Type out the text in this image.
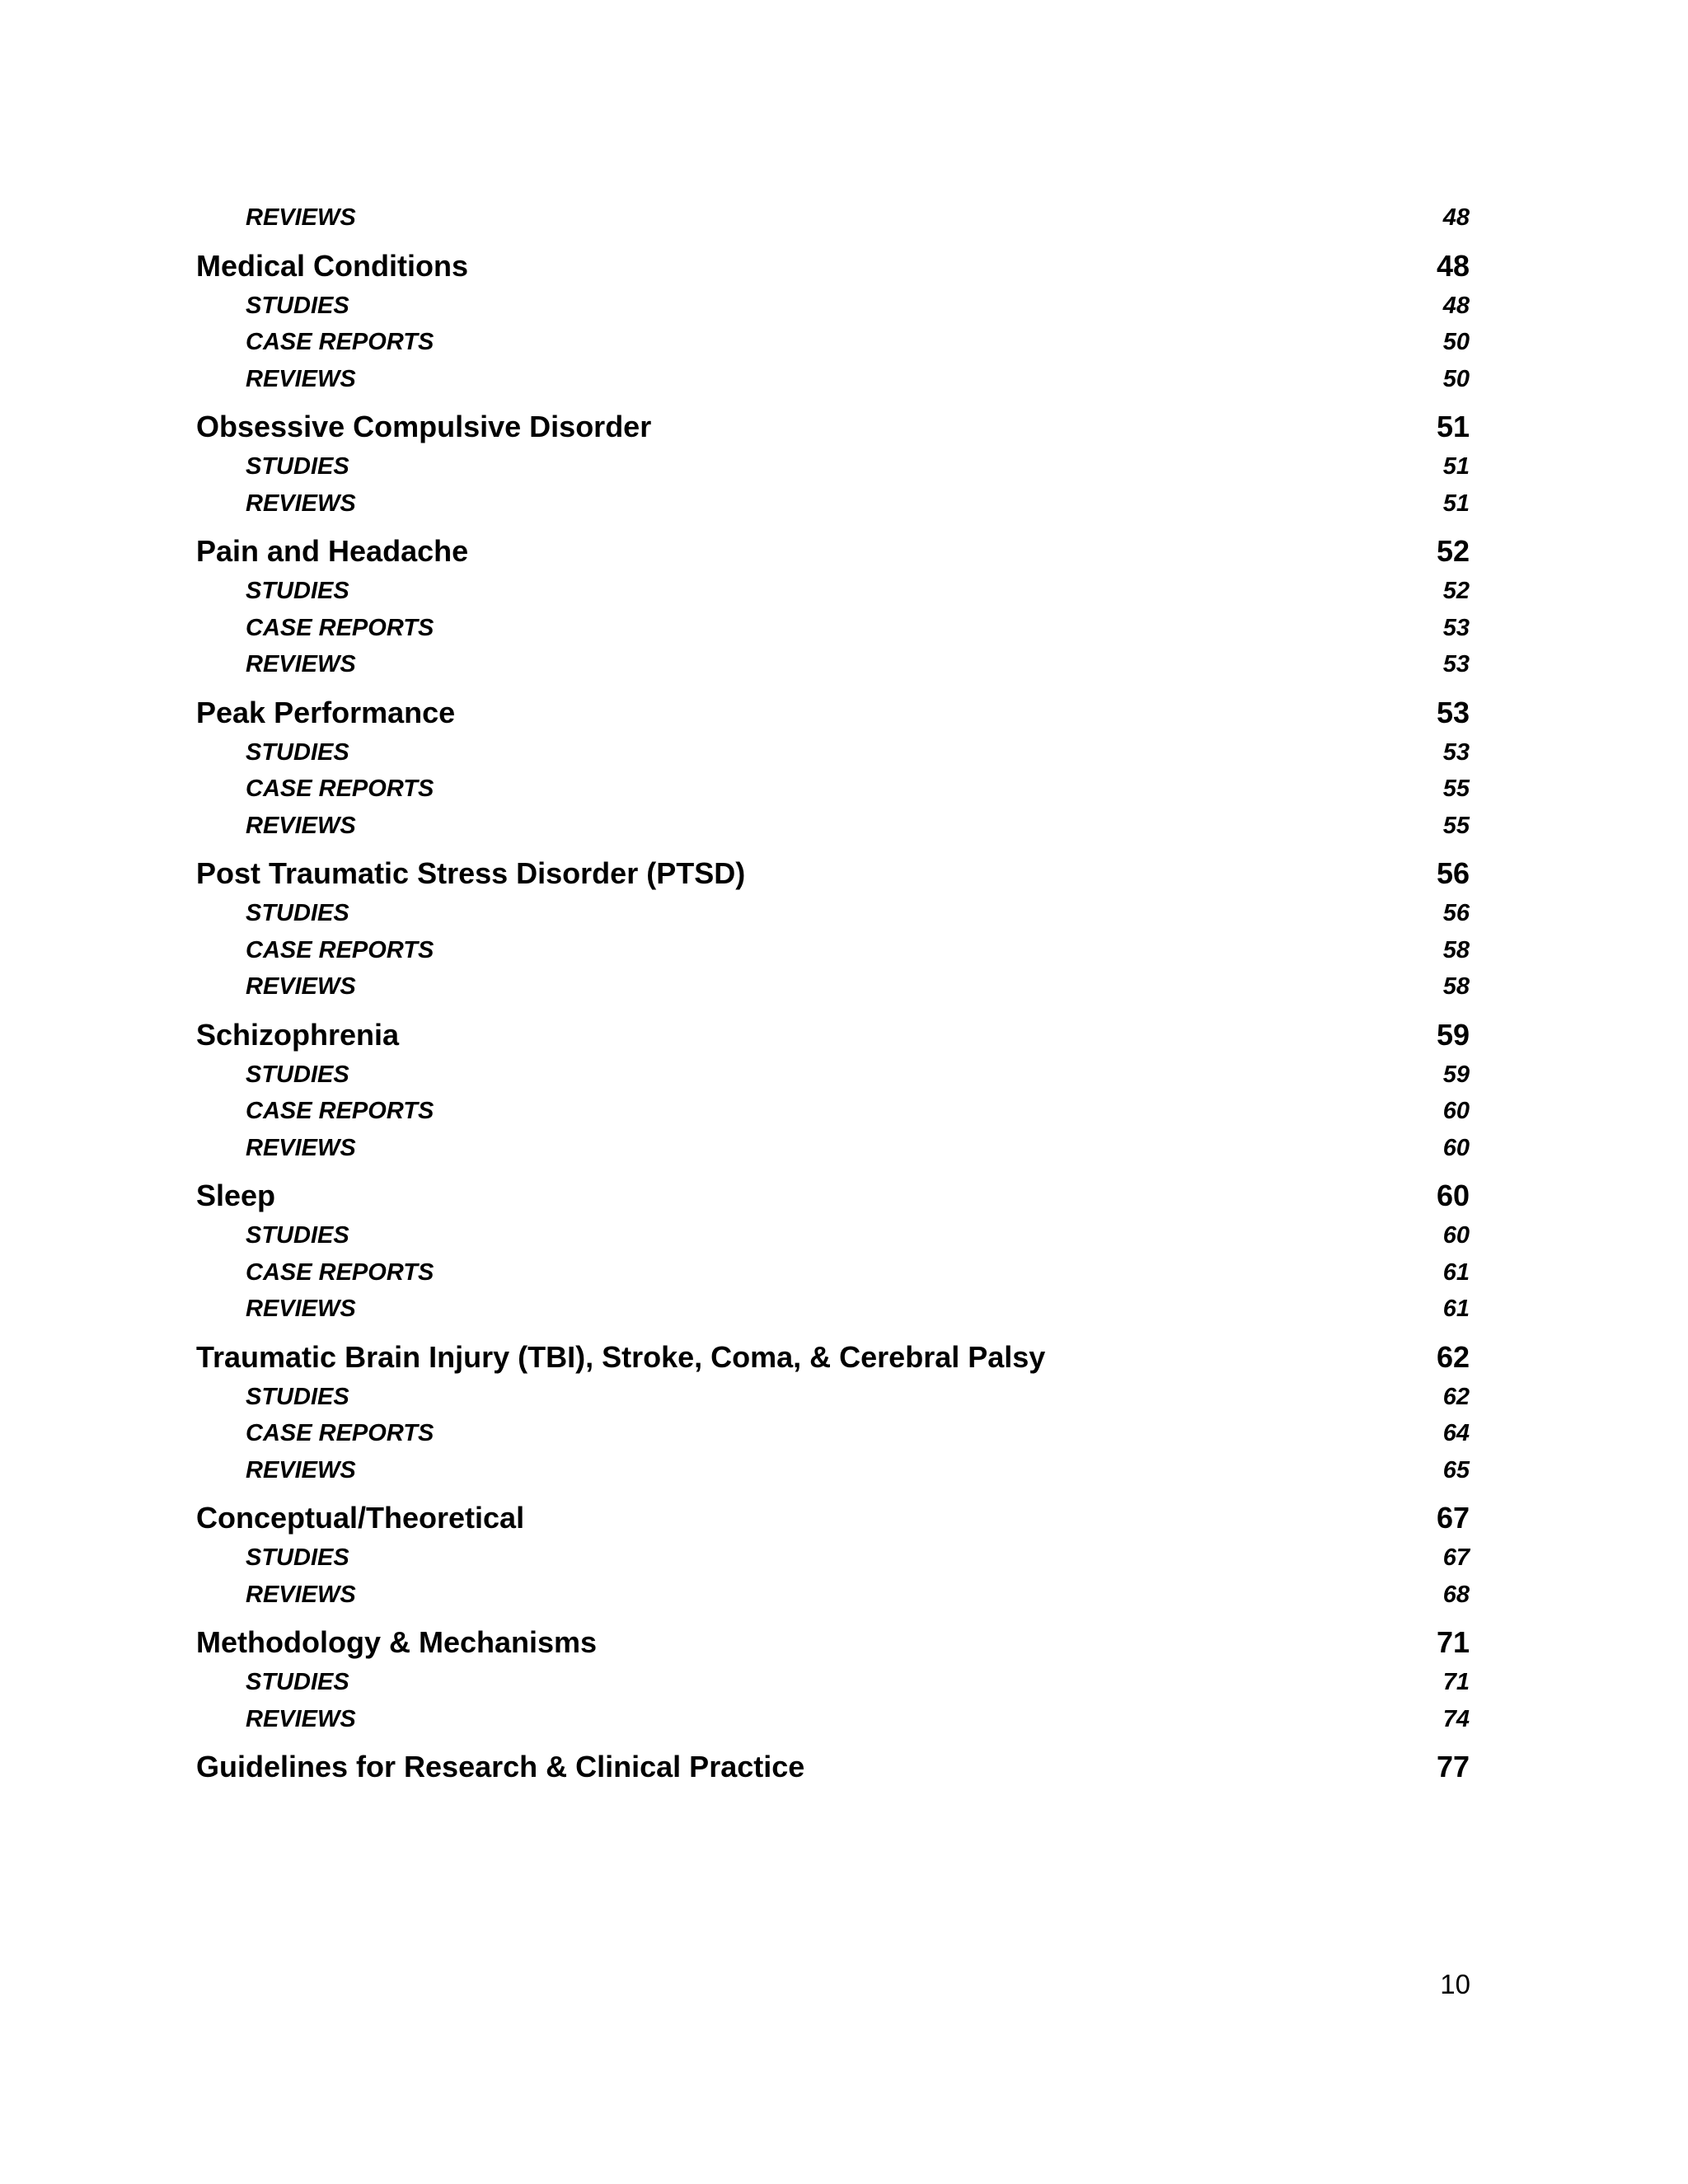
REVIEWS	48
Medical Conditions	48
STUDIES	48
CASE REPORTS	50
REVIEWS	50
Obsessive Compulsive Disorder	51
STUDIES	51
REVIEWS	51
Pain and Headache	52
STUDIES	52
CASE REPORTS	53
REVIEWS	53
Peak Performance	53
STUDIES	53
CASE REPORTS	55
REVIEWS	55
Post Traumatic Stress Disorder (PTSD)	56
STUDIES	56
CASE REPORTS	58
REVIEWS	58
Schizophrenia	59
STUDIES	59
CASE REPORTS	60
REVIEWS	60
Sleep	60
STUDIES	60
CASE REPORTS	61
REVIEWS	61
Traumatic Brain Injury (TBI), Stroke, Coma, & Cerebral Palsy	62
STUDIES	62
CASE REPORTS	64
REVIEWS	65
Conceptual/Theoretical	67
STUDIES	67
REVIEWS	68
Methodology & Mechanisms	71
STUDIES	71
REVIEWS	74
Guidelines for Research & Clinical Practice	77
10
